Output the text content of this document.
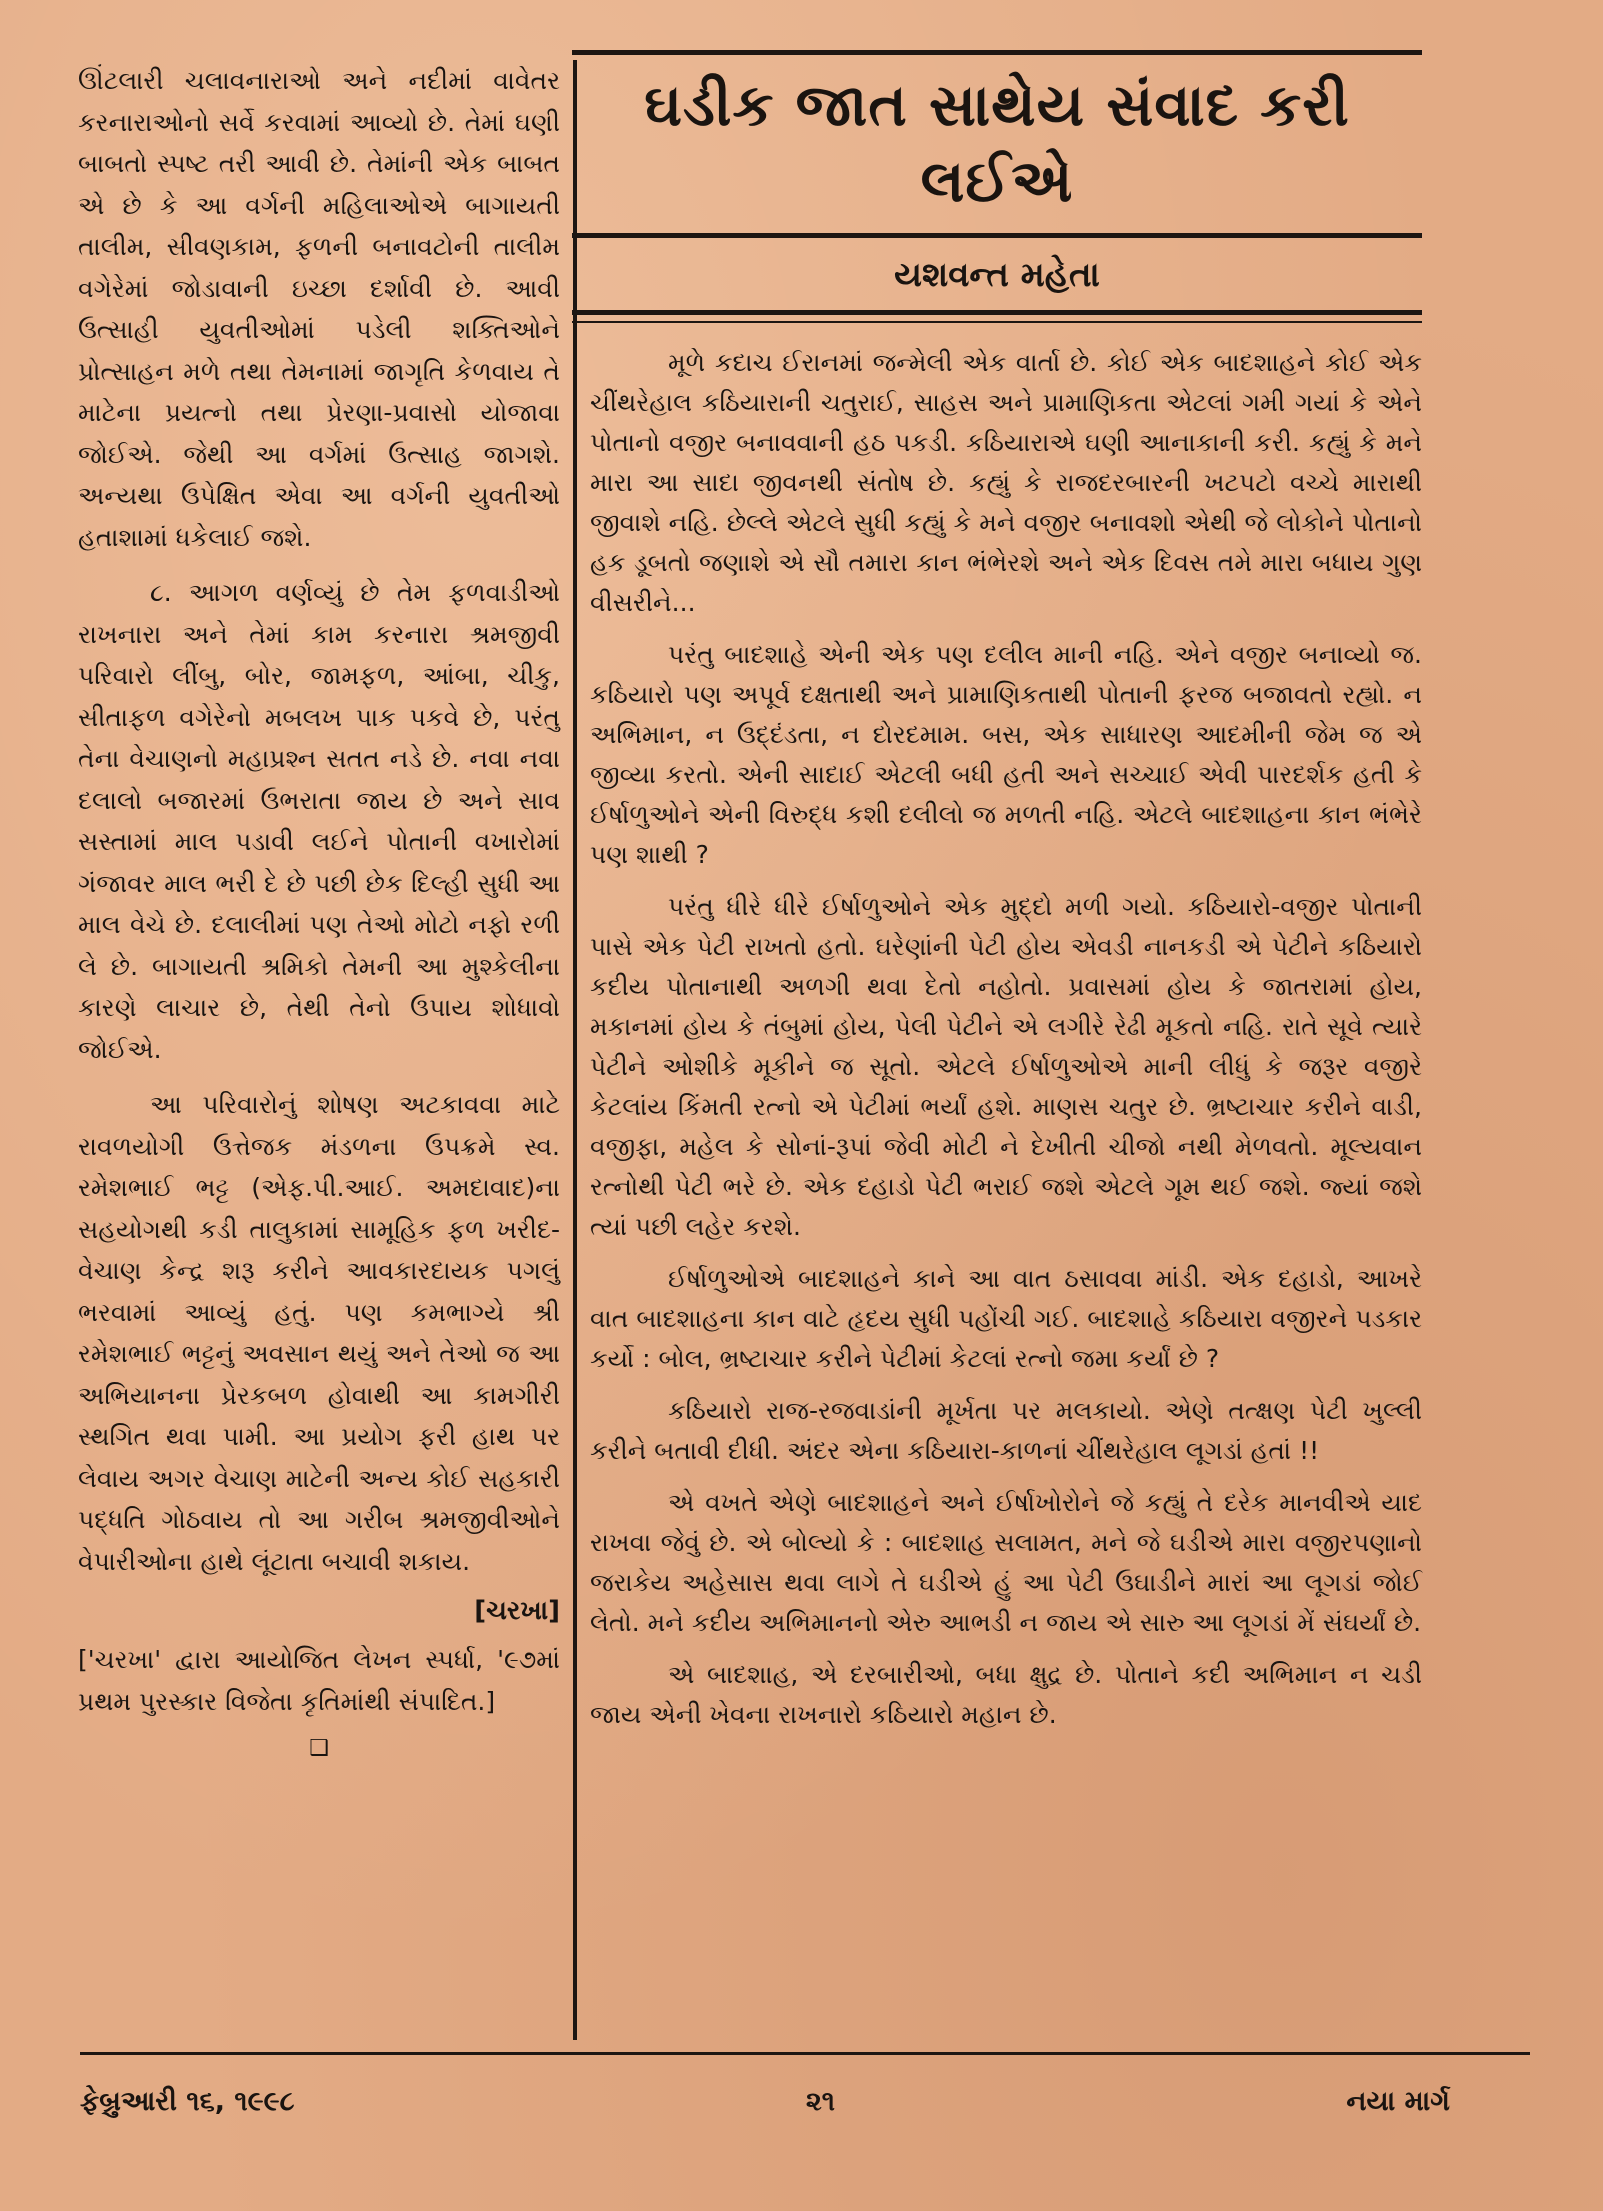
ઊંટલારી ચલાવનારાઓ અને નદીમાં વાવેતર કરનારાઓનો સર્વે કરવામાં આવ્યો છે. તેમાં ઘણી બાબતો સ્પષ્ટ તરી આવી છે. તેમાંની એક બાબત એ છે કે આ વર્ગની મહિલાઓએ બાગાયતી તાલીમ, સીવણકામ, ફળની બનાવટોની તાલીમ વગેરેમાં જોડાવાની ઇચ્છા દર્શાવી છે. આવી ઉત્સાહી યુવતીઓમાં પડેલી શક્તિઓને પ્રોત્સાહન મળે તથા તેમનામાં જાગૃતિ કેળવાય તે માટેના પ્રયત્નો તથા પ્રેરણા-પ્રવાસો યોજાવા જોઈએ. જેથી આ વર્ગમાં ઉત્સાહ જાગશે. અન્યથા ઉપેક્ષિત એવા આ વર્ગની યુવતીઓ હતાશામાં ધકેલાઈ જશે.

૮. આગળ વર્ણવ્યું છે તેમ ફળવાડીઓ રાખનારા અને તેમાં કામ કરનારા શ્રમજીવી પરિવારો લીંબુ, બોર, જામફળ, આંબા, ચીકુ, સીતાફળ વગેરેનો મબલખ પાક પકવે છે, પરંતુ તેના વેચાણનો મહાપ્રશ્ન સતત નડે છે. નવા નવા દલાલો બજારમાં ઉભરાતા જાય છે અને સાવ સસ્તામાં માલ પડાવી લઈને પોતાની વખારોમાં ગંજાવર માલ ભરી દે છે પછી છેક દિલ્હી સુધી આ માલ વેચે છે. દલાલીમાં પણ તેઓ મોટો નફો રળી લે છે. બાગાયતી શ્રમિકો તેમની આ મુશ્કેલીના કારણે લાચાર છે, તેથી તેનો ઉપાય શોધાવો જોઈએ.

આ પરિવારોનું શોષણ અટકાવવા માટે રાવળયોગી ઉત્તેજક મંડળના ઉપક્રમે સ્વ. રમેશભાઈ ભટ્ટ (એફ.પી.આઈ. અમદાવાદ)ના સહયોગથી કડી તાલુકામાં સામૂહિક ફળ ખરીદ-વેચાણ કેન્દ્ર શરૂ કરીને આવકારદાયક પગલું ભરવામાં આવ્યું હતું. પણ કમભાગ્યે શ્રી રમેશભાઈ ભટ્ટનું અવસાન થયું અને તેઓ જ આ અભિયાનના પ્રેરકબળ હોવાથી આ કામગીરી સ્થગિત થવા પામી. આ પ્રયોગ ફરી હાથ પર લેવાય અગર વેચાણ માટેની અન્ય કોઈ સહકારી પદ્ધતિ ગોઠવાય તો આ ગરીબ શ્રમજીવીઓને વેપારીઓના હાથે લૂંટાતા બચાવી શકાય.

[ચરખા]

['ચરખા' દ્વારા આયોજિત લેખન સ્પર્ધા, '૯૭માં પ્રથમ પુરસ્કાર વિજેતા કૃતિમાંથી સંપાદિત.]

❑
ઘડીક જાત સાથેય સંવાદ કરી લઈએ
યશવન્ત મહેતા

મૂળે કદાચ ઈરાનમાં જન્મેલી એક વાર્તા છે. કોઈ એક બાદશાહને કોઈ એક ચીંથરેહાલ કઠિયારાની ચતુરાઈ, સાહસ અને પ્રામાણિકતા એટલાં ગમી ગયાં કે એને પોતાનો વજીર બનાવવાની હઠ પકડી. કઠિયારાએ ઘણી આનાકાની કરી. કહ્યું કે મને મારા આ સાદા જીવનથી સંતોષ છે. કહ્યું કે રાજદરબારની ખટપટો વચ્ચે મારાથી જીવાશે નહિ. છેલ્લે એટલે સુધી કહ્યું કે મને વજીર બનાવશો એથી જે લોકોને પોતાનો હક ડૂબતો જણાશે એ સૌ તમારા કાન ભંભેરશે અને એક દિવસ તમે મારા બધાય ગુણ વીસરીને...

પરંતુ બાદશાહે એની એક પણ દલીલ માની નહિ. એને વજીર બનાવ્યો જ. કઠિયારો પણ અપૂર્વ દક્ષતાથી અને પ્રામાણિકતાથી પોતાની ફરજ બજાવતો રહ્યો. ન અભિમાન, ન ઉદ્દંડતા, ન દોરદમામ. બસ, એક સાધારણ આદમીની જેમ જ એ જીવ્યા કરતો. એની સાદાઈ એટલી બધી હતી અને સચ્ચાઈ એવી પારદર્શક હતી કે ઈર્ષાળુઓને એની વિરુદ્ધ કશી દલીલો જ મળતી નહિ. એટલે બાદશાહના કાન ભંભેરે પણ શાથી ?

પરંતુ ધીરે ધીરે ઈર્ષાળુઓને એક મુદ્દો મળી ગયો. કઠિયારો-વજીર પોતાની પાસે એક પેટી રાખતો હતો. ઘરેણાંની પેટી હોય એવડી નાનકડી એ પેટીને કઠિયારો કદીય પોતાનાથી અળગી થવા દેતો નહોતો. પ્રવાસમાં હોય કે જાતરામાં હોય, મકાનમાં હોય કે તંબુમાં હોય, પેલી પેટીને એ લગીરે રેઢી મૂકતો નહિ. રાતે સૂવે ત્યારે પેટીને ઓશીકે મૂકીને જ સૂતો. એટલે ઈર્ષાળુઓએ માની લીધું કે જરૂર વજીરે કેટલાંય કિંમતી રત્નો એ પેટીમાં ભર્યાં હશે. માણસ ચતુર છે. ભ્રષ્ટાચાર કરીને વાડી, વજીફા, મહેલ કે સોનાં-રૂપાં જેવી મોટી ને દેખીતી ચીજો નથી મેળવતો. મૂલ્યવાન રત્નોથી પેટી ભરે છે. એક દહાડો પેટી ભરાઈ જશે એટલે ગૂમ થઈ જશે. જ્યાં જશે ત્યાં પછી લહેર કરશે.

ઈર્ષાળુઓએ બાદશાહને કાને આ વાત ઠસાવવા માંડી. એક દહાડો, આખરે વાત બાદશાહના કાન વાટે હૃદય સુધી પહોંચી ગઈ. બાદશાહે કઠિયારા વજીરને પડકાર કર્યો : બોલ, ભ્રષ્ટાચાર કરીને પેટીમાં કેટલાં રત્નો જમા કર્યાં છે ?

કઠિયારો રાજ-રજવાડાંની મૂર્ખતા પર મલકાયો. એણે તત્ક્ષણ પેટી ખુલ્લી કરીને બતાવી દીધી. અંદર એના કઠિયારા-કાળનાં ચીંથરેહાલ લૂગડાં હતાં !!

એ વખતે એણે બાદશાહને અને ઈર્ષાખોરોને જે કહ્યું તે દરેક માનવીએ યાદ રાખવા જેવું છે. એ બોલ્યો કે : બાદશાહ સલામત, મને જે ઘડીએ મારા વજીરપણાનો જરાકેય અહેસાસ થવા લાગે તે ઘડીએ હું આ પેટી ઉઘાડીને મારાં આ લૂગડાં જોઈ લેતો. મને કદીય અભિમાનનો એરુ આભડી ન જાય એ સારુ આ લૂગડાં મેં સંઘર્યાં છે.

એ બાદશાહ, એ દરબારીઓ, બધા ક્ષુદ્ર છે. પોતાને કદી અભિમાન ન ચડી જાય એની ખેવના રાખનારો કઠિયારો મહાન છે.

ફેબ્રુઆરી ૧૬, ૧૯૯૮	૨૧	નયા માર્ગ
